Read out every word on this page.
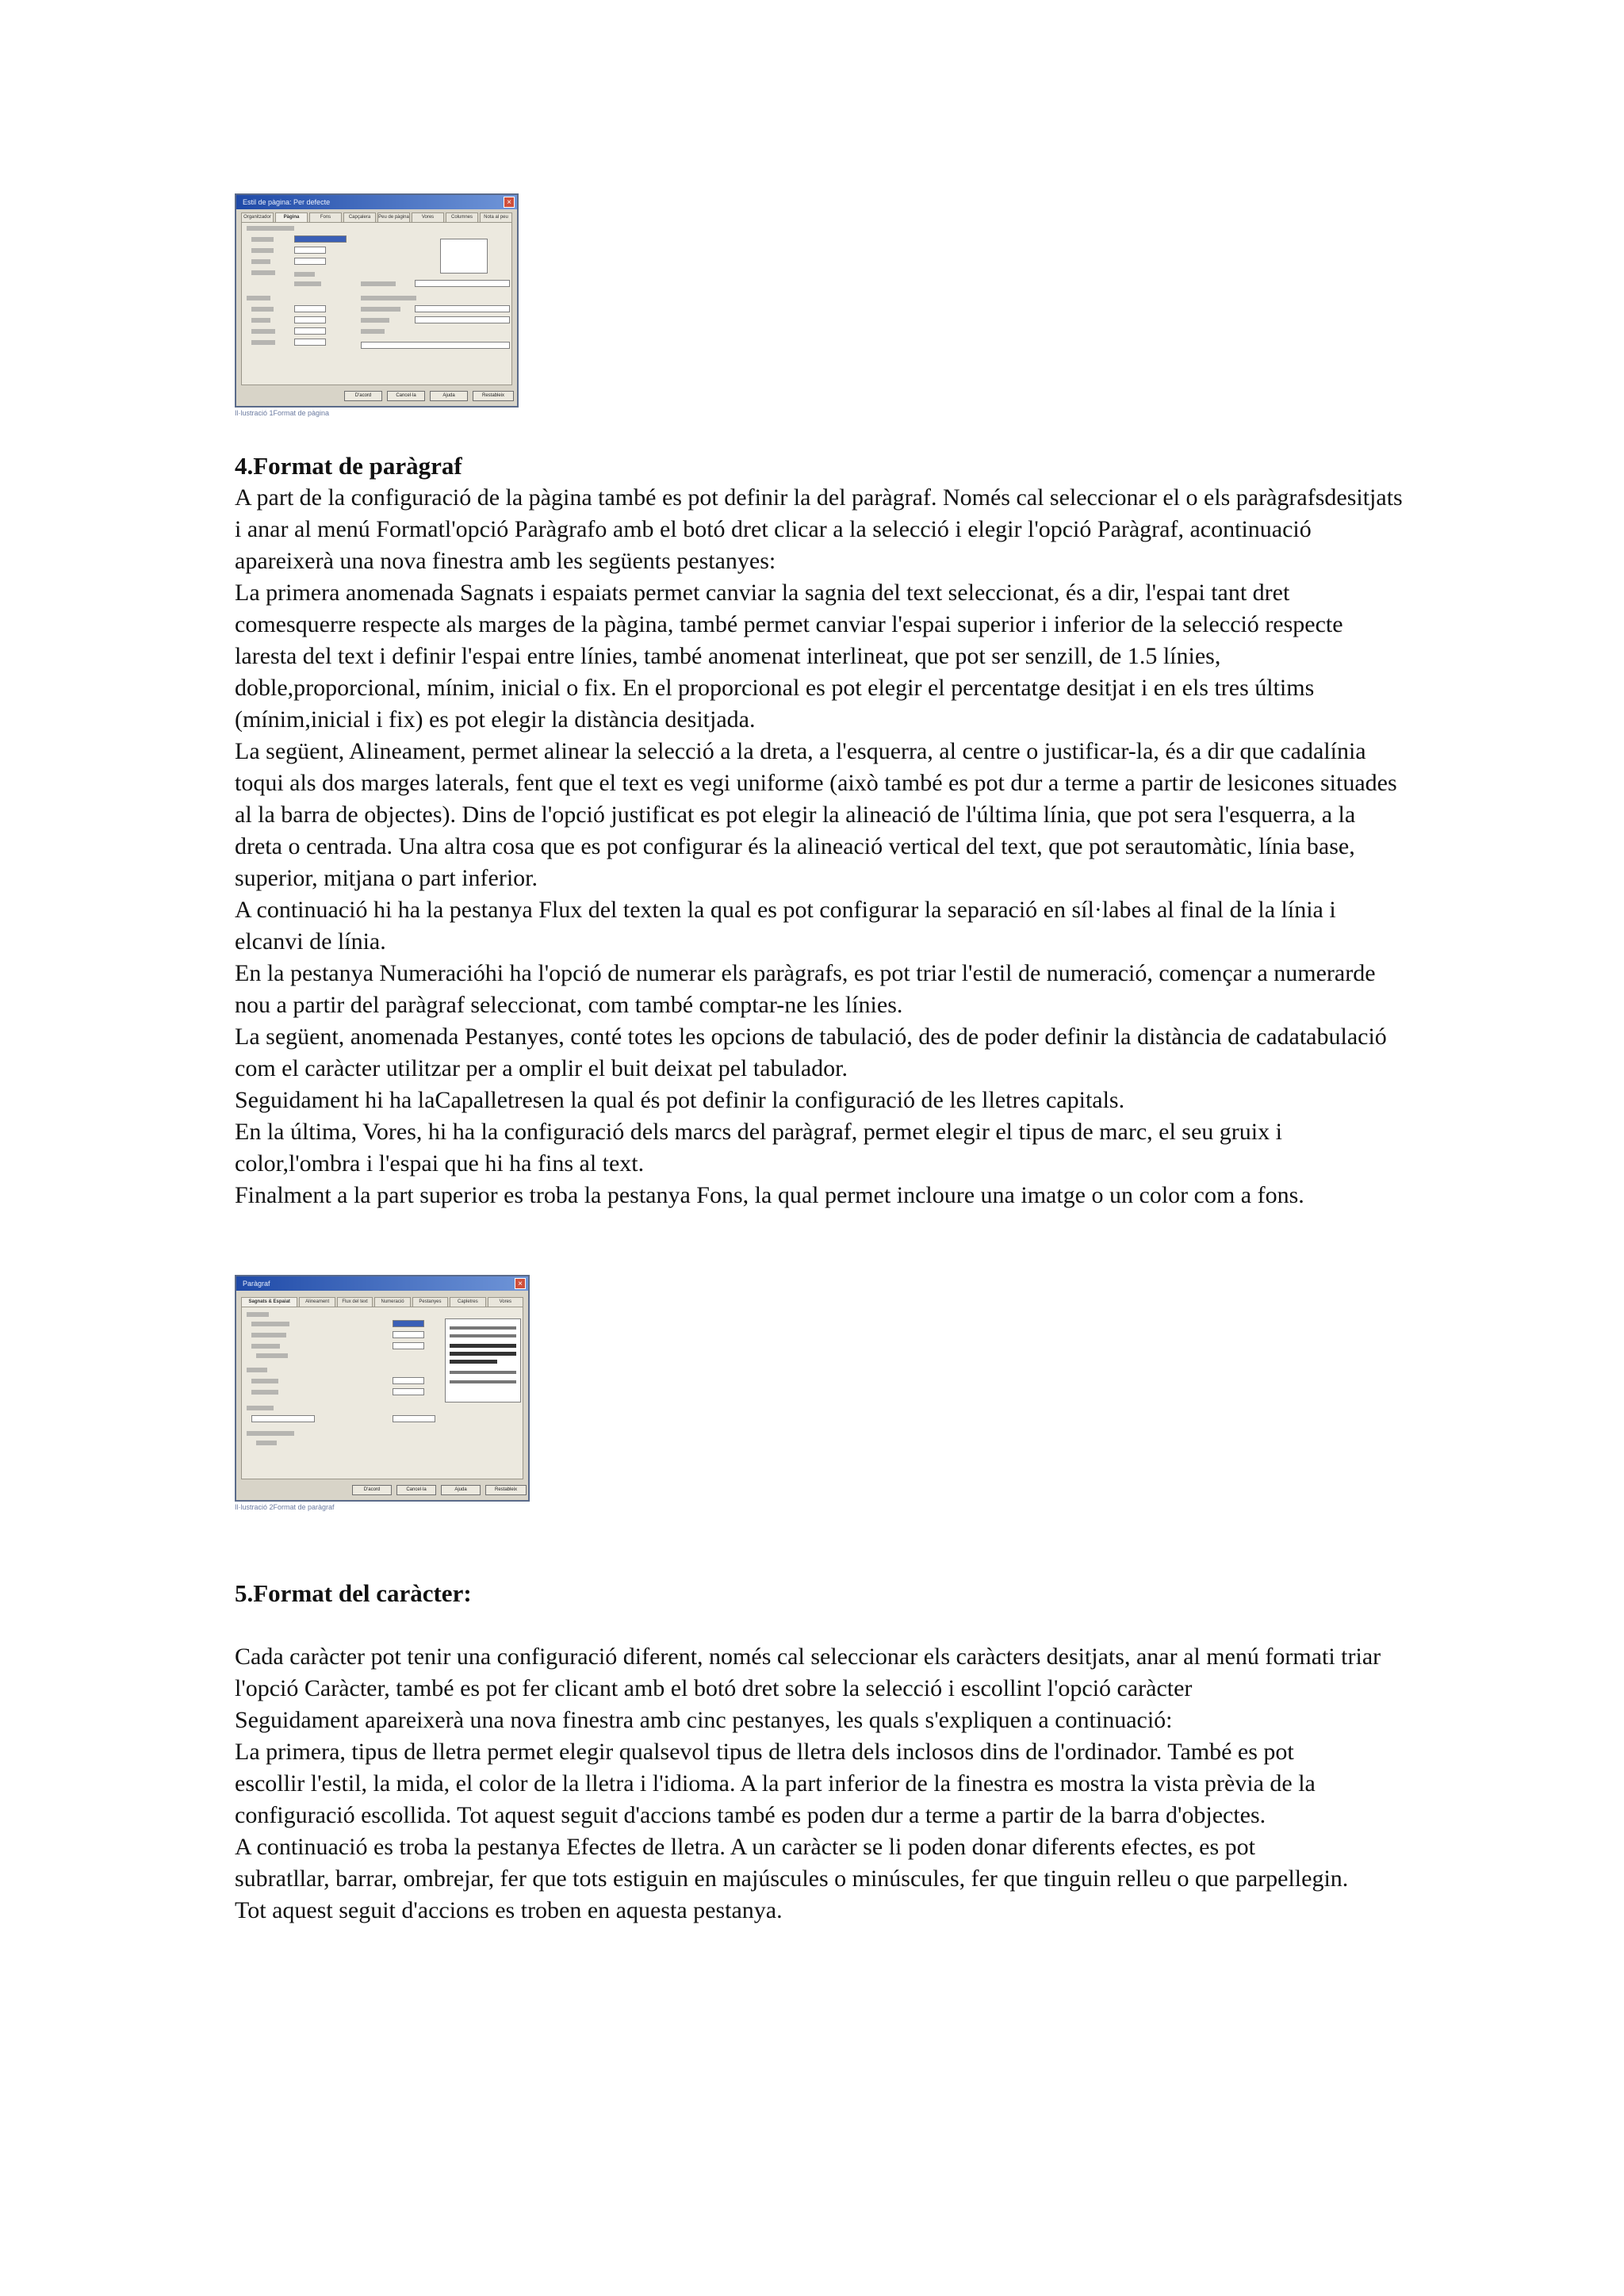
Estil de pàgina: Per defecte	×
Organitzador	Pàgina	Fons	Capçalera	Peu de pàgina	Vores	Columnes	Nota al peu
D'acord	Cancel·la	Ajuda	Restableix
Il·lustració 1Format de pàgina

4.Format de paràgraf

A part de la configuració de la pàgina també es pot definir la del paràgraf. Només cal seleccionar el o els paràgrafsdesitjats i anar al menú Formatl'opció Paràgrafo amb el botó dret clicar a la selecció i elegir l'opció Paràgraf, acontinuació apareixerà una nova finestra amb les següents pestanyes:

La primera anomenada Sagnats i espaiats permet canviar la sagnia del text seleccionat, és a dir, l'espai tant dret comesquerre respecte als marges de la pàgina, també permet canviar l'espai superior i inferior de la selecció respecte laresta del text i definir l'espai entre línies, també anomenat interlineat, que pot ser senzill, de 1.5 línies, doble,proporcional, mínim, inicial o fix. En el proporcional es pot elegir el percentatge desitjat i en els tres últims (mínim,inicial i fix) es pot elegir la distància desitjada.

La següent, Alineament, permet alinear la selecció a la dreta, a l'esquerra, al centre o justificar-la, és a dir que cadalínia toqui als dos marges laterals, fent que el text es vegi uniforme (això també es pot dur a terme a partir de lesicones situades al la barra de objectes). Dins de l'opció justificat es pot elegir la alineació de l'última línia, que pot sera l'esquerra, a la dreta o centrada. Una altra cosa que es pot configurar és la alineació vertical del text, que pot serautomàtic, línia base, superior, mitjana o part inferior.

A continuació hi ha la pestanya Flux del texten la qual es pot configurar la separació en síl·labes al final de la línia i elcanvi de línia.

En la pestanya Numeracióhi ha l'opció de numerar els paràgrafs, es pot triar l'estil de numeració, començar a numerarde nou a partir del paràgraf seleccionat, com també comptar-ne les línies.

La següent, anomenada Pestanyes, conté totes les opcions de tabulació, des de poder definir la distància de cadatabulació com el caràcter utilitzar per a omplir el buit deixat pel tabulador.

Seguidament hi ha laCapalletresen la qual és pot definir la configuració de les lletres capitals.

En la última, Vores, hi ha la configuració dels marcs del paràgraf, permet elegir el tipus de marc, el seu gruix i color,l'ombra i l'espai que hi ha fins al text.

Finalment a la part superior es troba la pestanya Fons, la qual permet incloure una imatge o un color com a fons.

Paràgraf	×
Sagnats & Espaiat	Alineament	Flux del text	Numeració	Pestanyes	Capletres	Vores
D'acord	Cancel·la	Ajuda	Restableix
Il·lustració 2Format de paràgraf

5.Format del caràcter:

Cada caràcter pot tenir una configuració diferent, només cal seleccionar els caràcters desitjats, anar al menú formati triar l'opció Caràcter, també es pot fer clicant amb el botó dret sobre la selecció i escollint l'opció caràcter

Seguidament apareixerà una nova finestra amb cinc pestanyes, les quals s'expliquen a continuació:

La primera, tipus de lletra permet elegir qualsevol tipus de lletra dels inclosos dins de l'ordinador. També es pot

escollir l'estil, la mida, el color de la lletra i l'idioma. A la part inferior de la finestra es mostra la vista prèvia de la

configuració escollida. Tot aquest seguit d'accions també es poden dur a terme a partir de la barra d'objectes.

A continuació es troba la pestanya Efectes de lletra. A un caràcter se li poden donar diferents efectes, es pot

subratllar, barrar, ombrejar, fer que tots estiguin en majúscules o minúscules, fer que tinguin relleu o que parpellegin.

Tot aquest seguit d'accions es troben en aquesta pestanya.
